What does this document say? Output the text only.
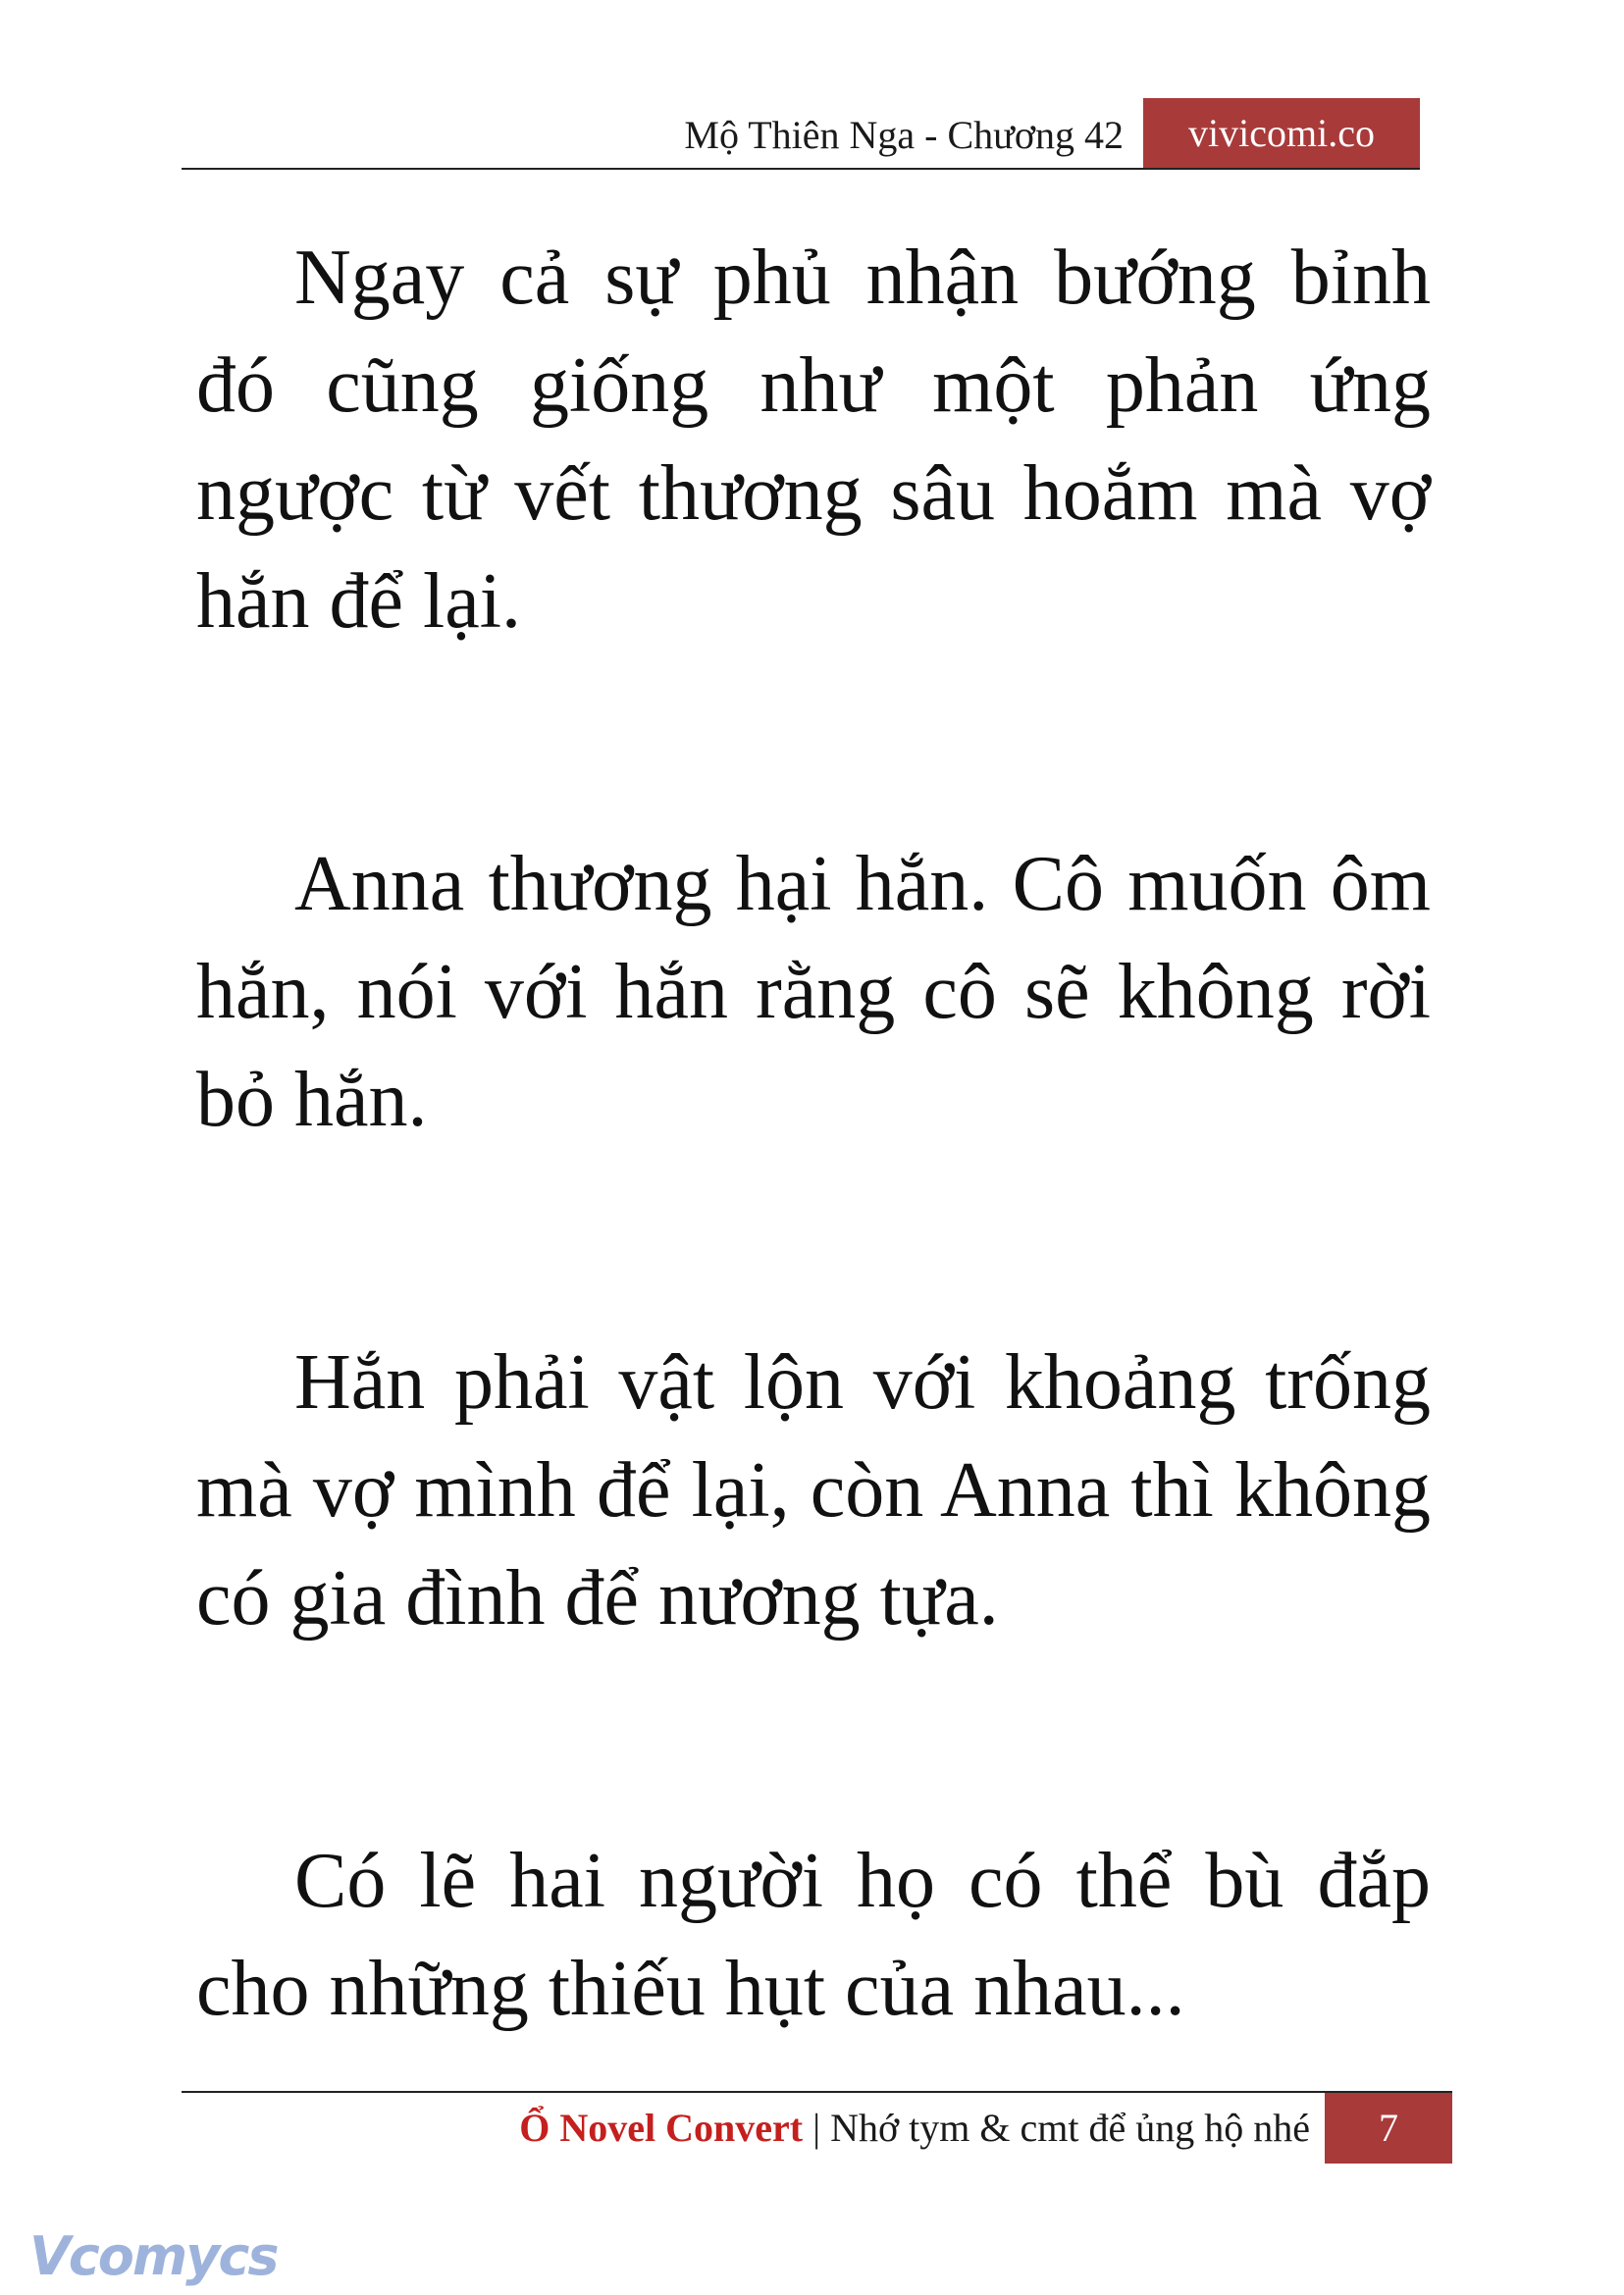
Mộ Thiên Nga - Chương 42	vivicomi.co

Ngay cả sự phủ nhận bướng bỉnh đó cũng giống như một phản ứng ngược từ vết thương sâu hoắm mà vợ hắn để lại.

Anna thương hại hắn. Cô muốn ôm hắn, nói với hắn rằng cô sẽ không rời bỏ hắn.

Hắn phải vật lộn với khoảng trống mà vợ mình để lại, còn Anna thì không có gia đình để nương tựa.

Có lẽ hai người họ có thể bù đắp cho những thiếu hụt của nhau...

Ổ Novel Convert | Nhớ tym & cmt để ủng hộ nhé	7
Vcomycs
